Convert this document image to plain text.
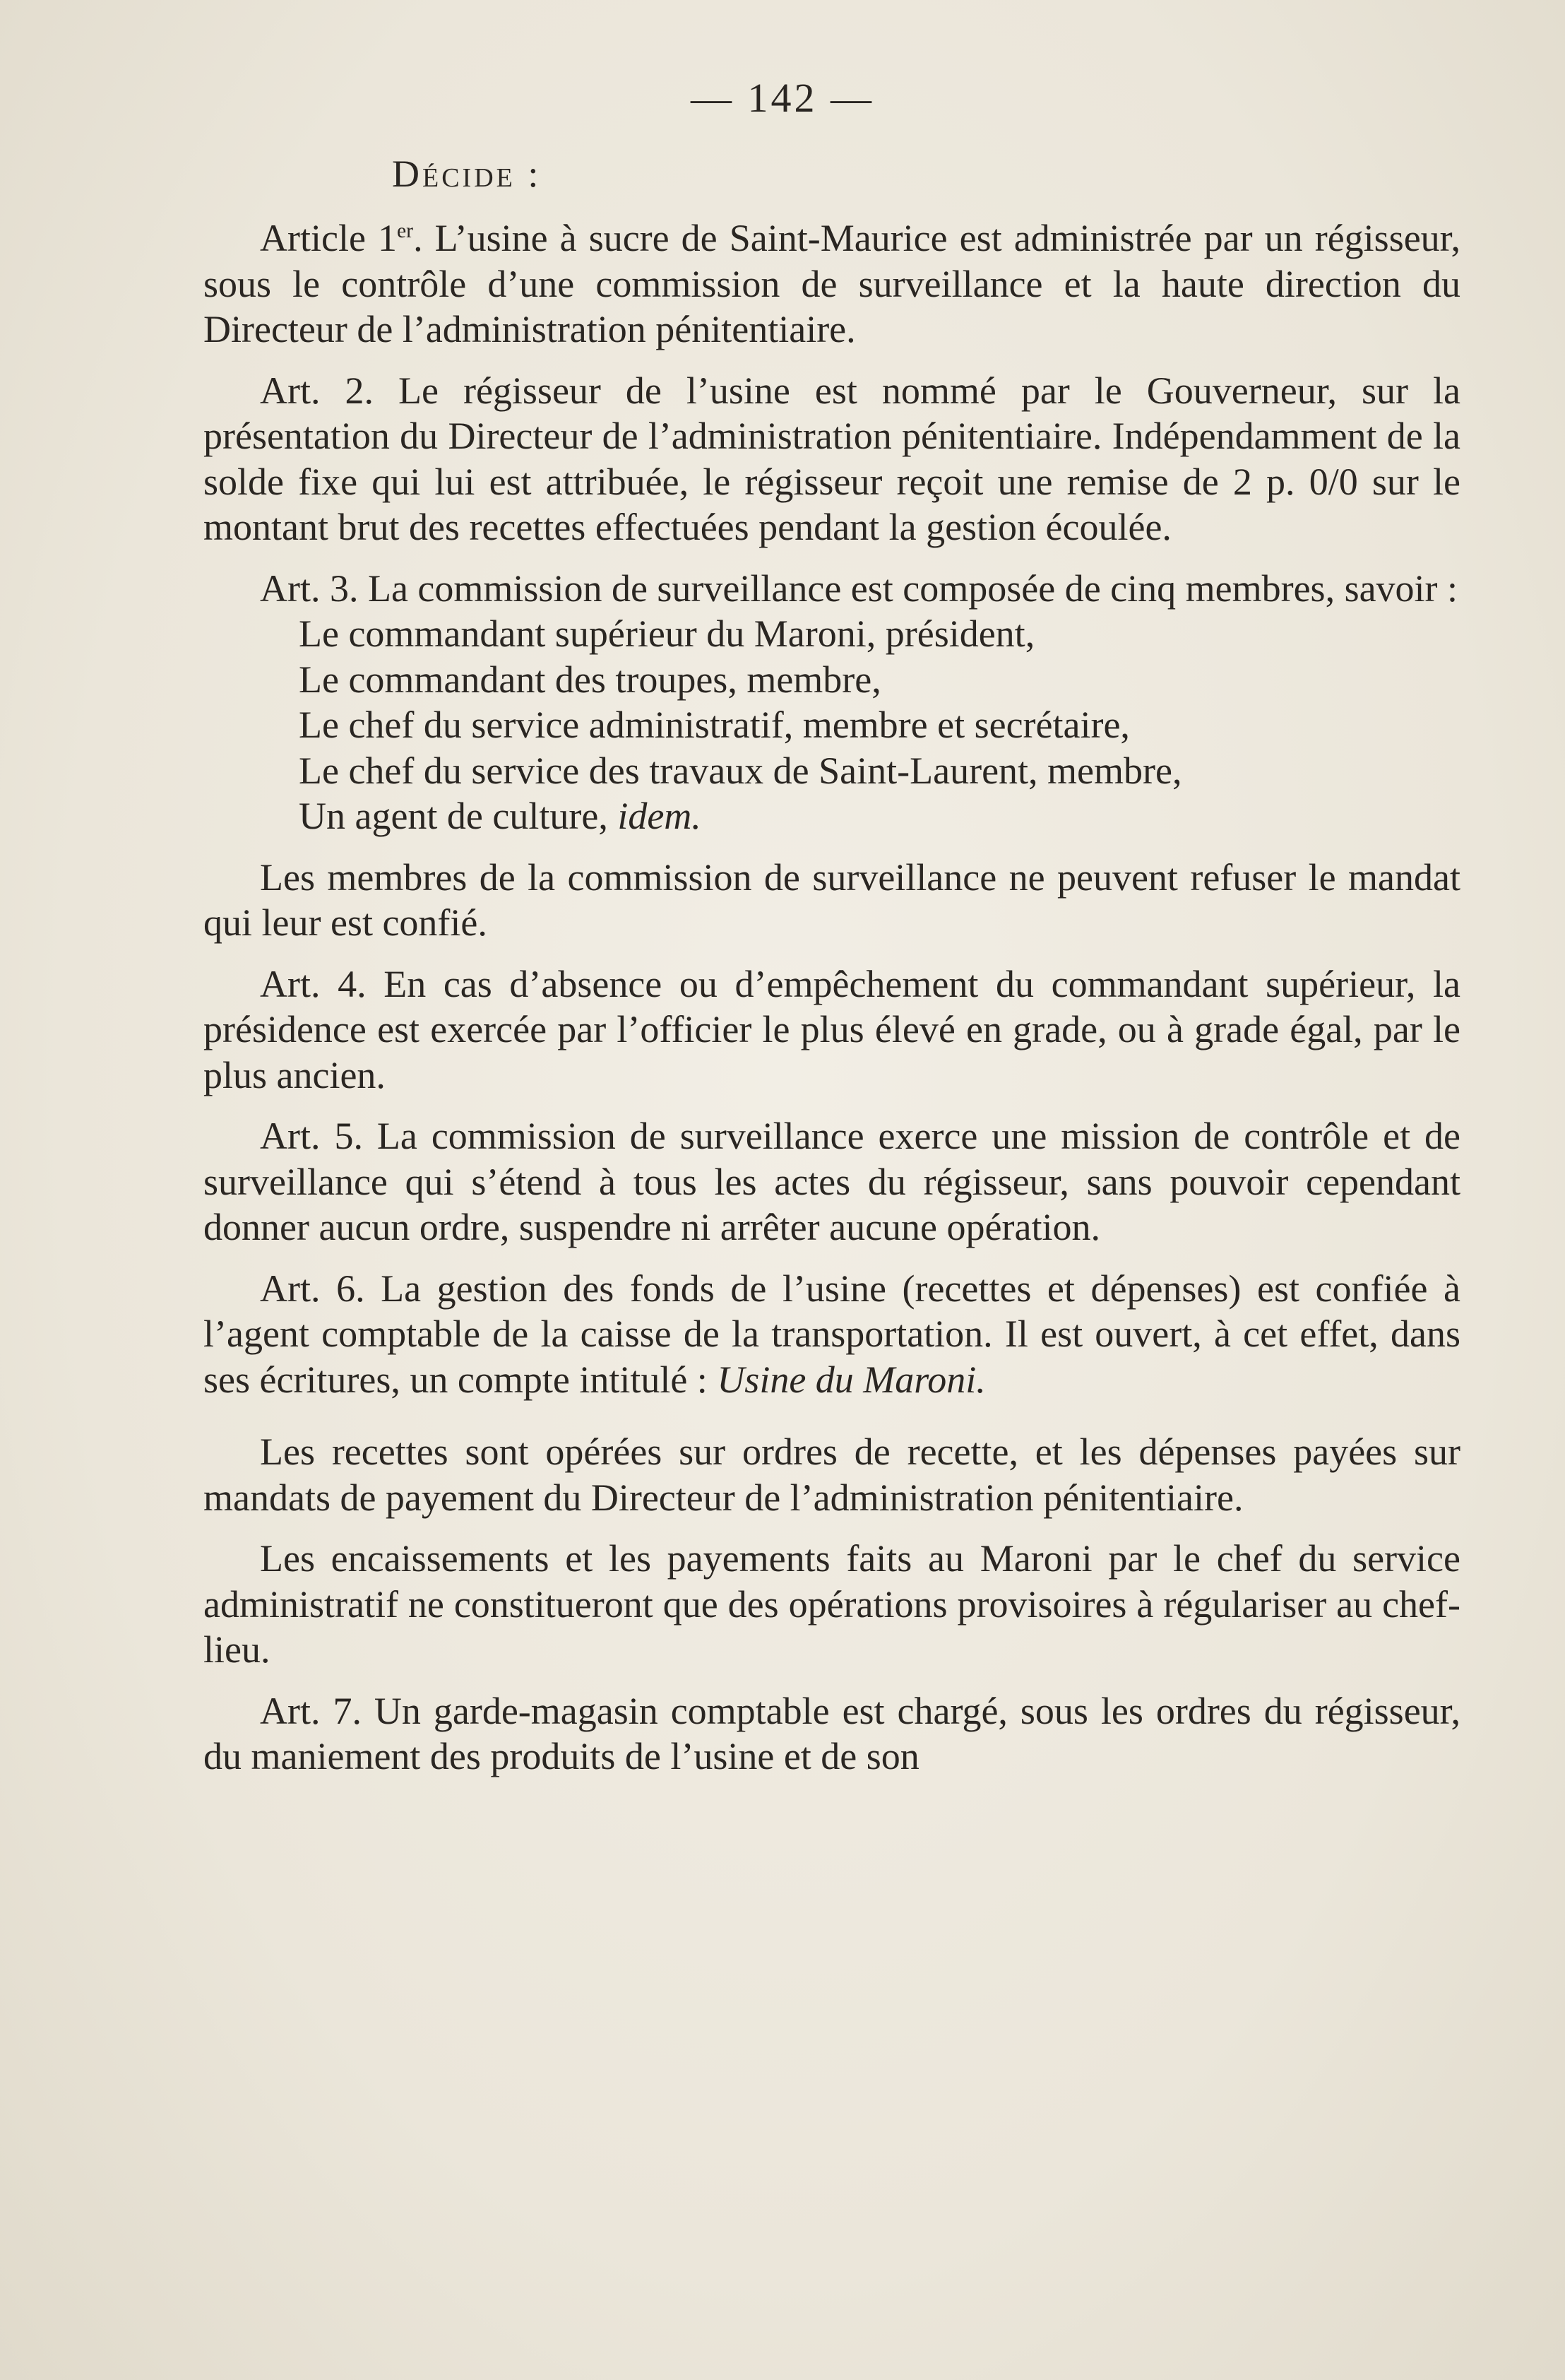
— 142 —
Décide :

Article 1er. L’usine à sucre de Saint-Maurice est administrée par un régisseur, sous le contrôle d’une commission de surveillance et la haute direction du Directeur de l’administration pénitentiaire.

Art. 2. Le régisseur de l’usine est nommé par le Gouverneur, sur la présentation du Directeur de l’administration pénitentiaire. Indépendamment de la solde fixe qui lui est attribuée, le régisseur reçoit une remise de 2 p. 0/0 sur le montant brut des recettes effectuées pendant la gestion écoulée.

Art. 3. La commission de surveillance est composée de cinq membres, savoir :

Le commandant supérieur du Maroni, président,
Le commandant des troupes, membre,
Le chef du service administratif, membre et secrétaire,
Le chef du service des travaux de Saint-Laurent, membre,
Un agent de culture, idem.

Les membres de la commission de surveillance ne peuvent refuser le mandat qui leur est confié.

Art. 4. En cas d’absence ou d’empêchement du commandant supérieur, la présidence est exercée par l’officier le plus élevé en grade, ou à grade égal, par le plus ancien.

Art. 5. La commission de surveillance exerce une mission de contrôle et de surveillance qui s’étend à tous les actes du régisseur, sans pouvoir cependant donner aucun ordre, suspendre ni arrêter aucune opération.

Art. 6. La gestion des fonds de l’usine (recettes et dépenses) est confiée à l’agent comptable de la caisse de la transportation. Il est ouvert, à cet effet, dans ses écritures, un compte intitulé : Usine du Maroni.

Les recettes sont opérées sur ordres de recette, et les dépenses payées sur mandats de payement du Directeur de l’administration pénitentiaire.

Les encaissements et les payements faits au Maroni par le chef du service administratif ne constitueront que des opérations provisoires à régulariser au chef-lieu.

Art. 7. Un garde-magasin comptable est chargé, sous les ordres du régisseur, du maniement des produits de l’usine et de son
